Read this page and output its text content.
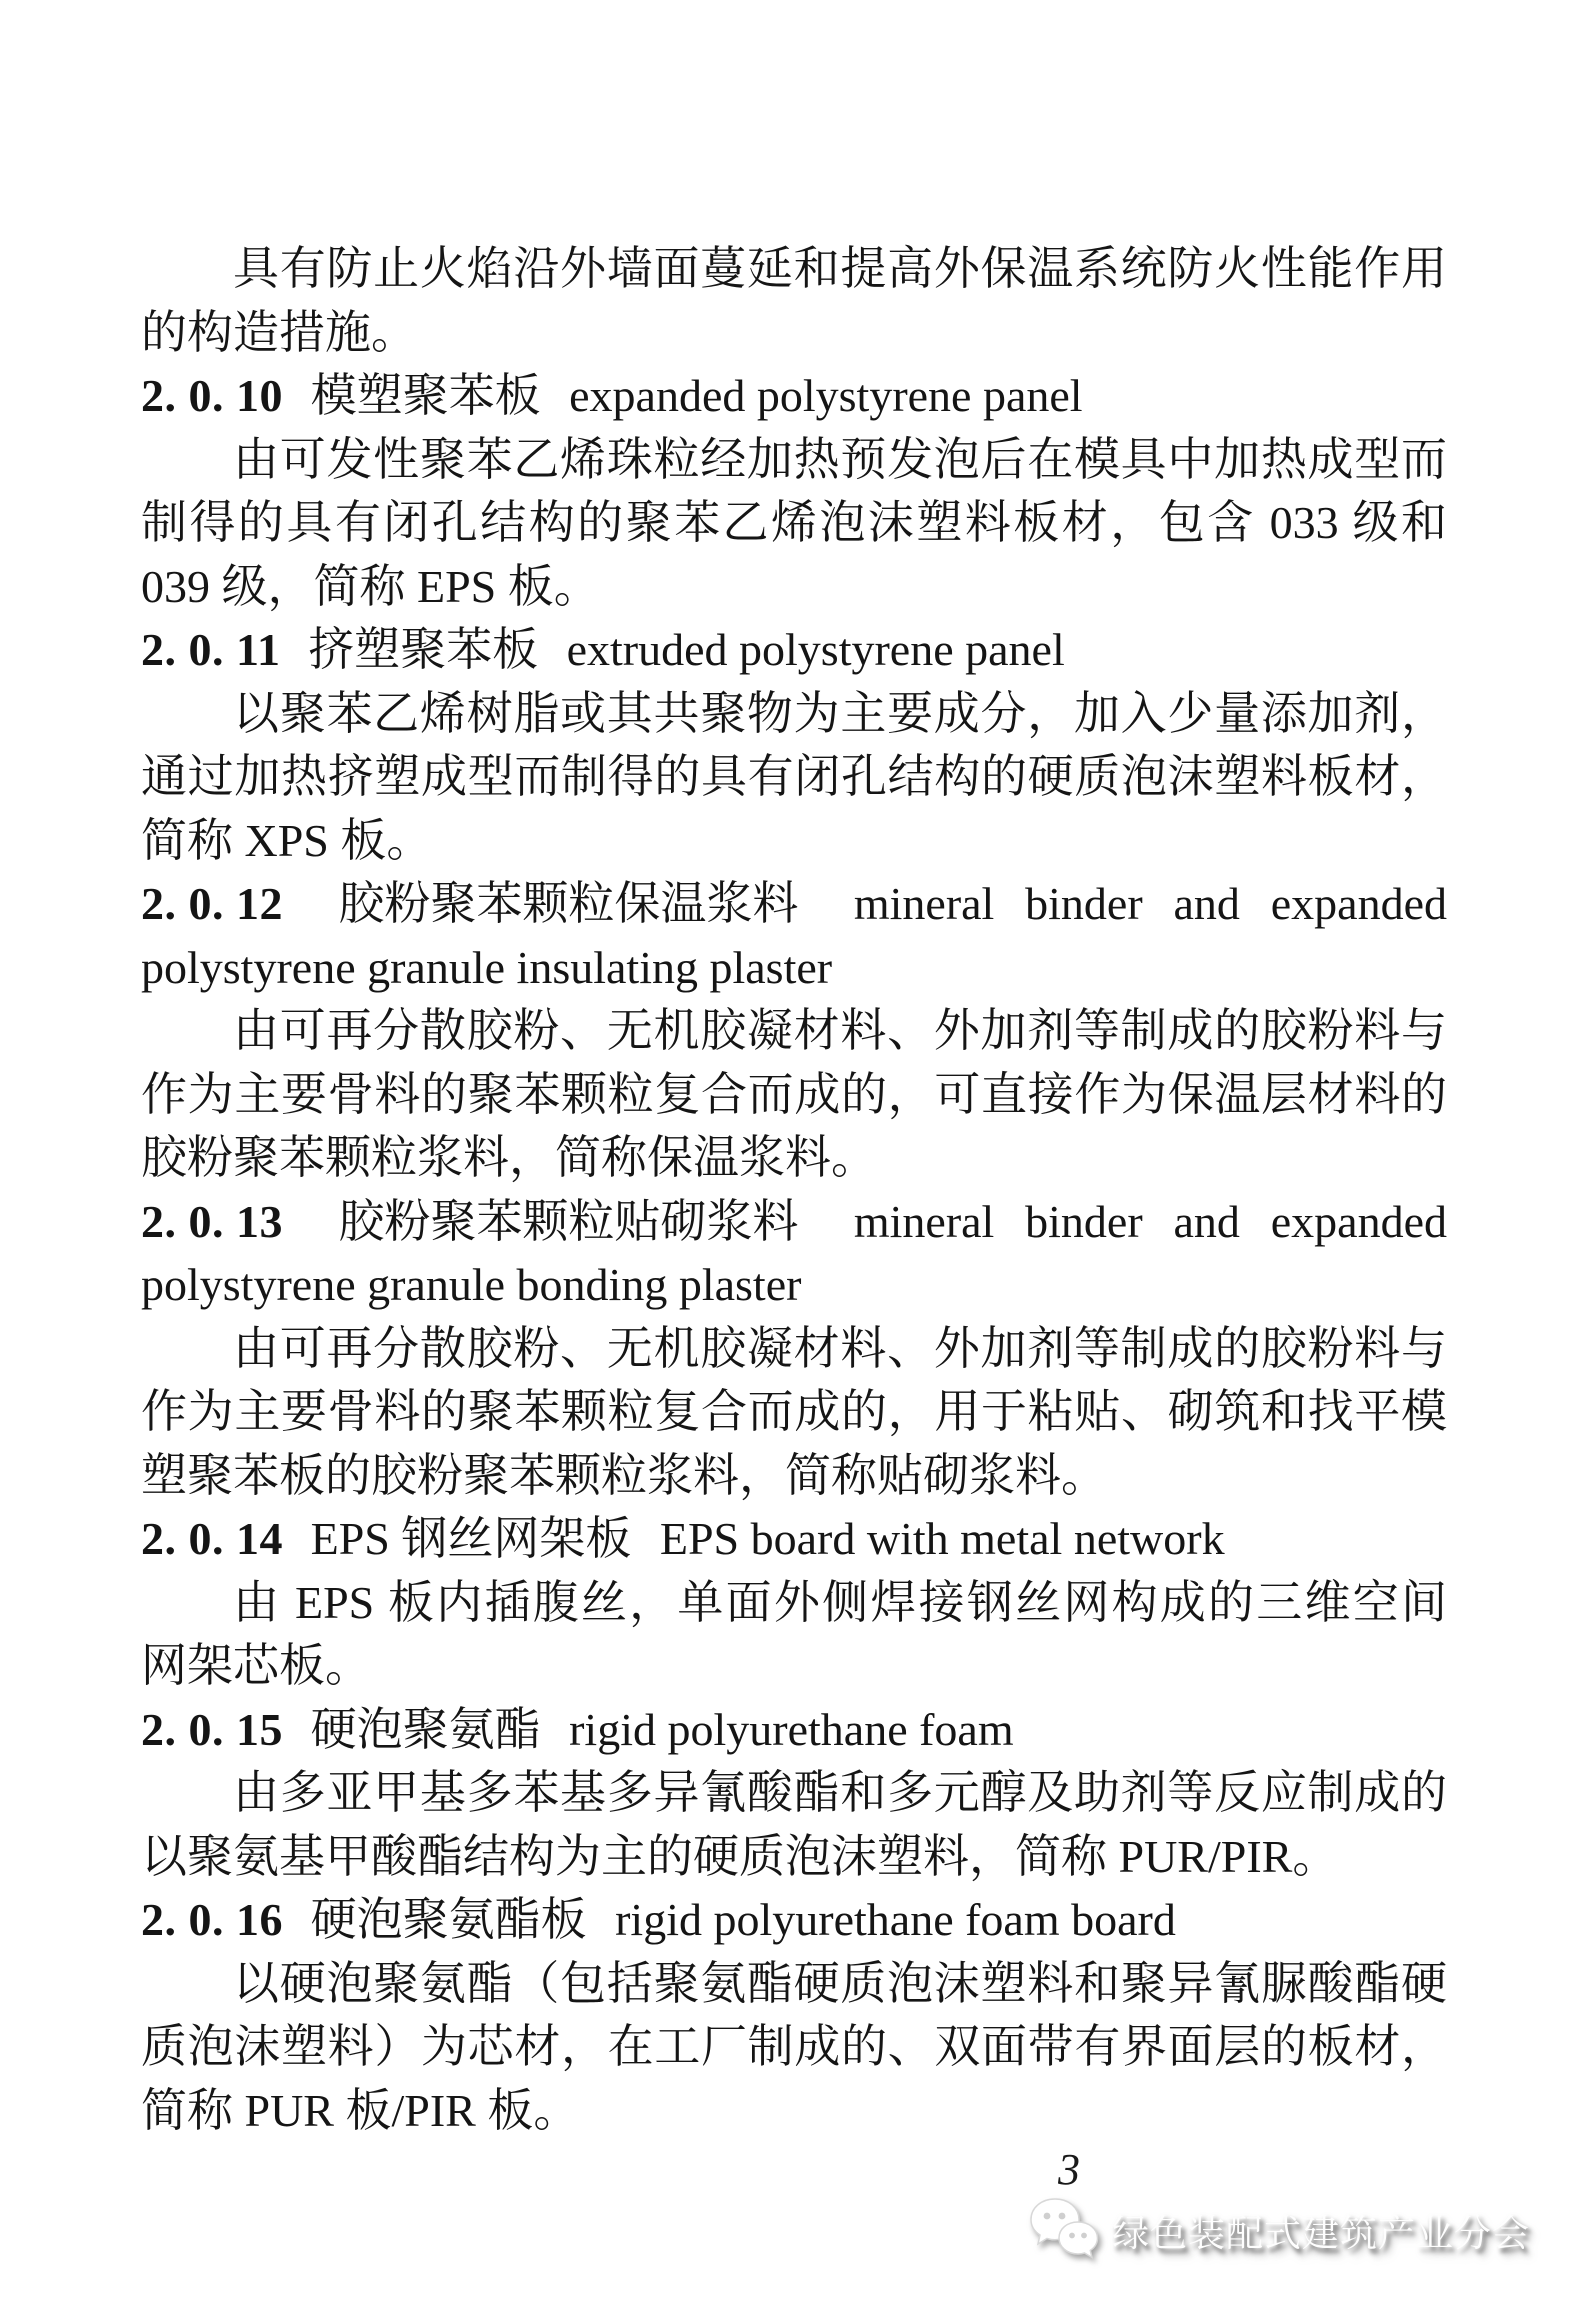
具有防止火焰沿外墙面蔓延和提高外保温系统防火性能作用
的构造措施。
2. 0. 10 模塑聚苯板 expanded polystyrene panel
由可发性聚苯乙烯珠粒经加热预发泡后在模具中加热成型而
制得的具有闭孔结构的聚苯乙烯泡沫塑料板材，包含 033 级和
039 级，简称 EPS 板。
2. 0. 11 挤塑聚苯板 extruded polystyrene panel
以聚苯乙烯树脂或其共聚物为主要成分，加入少量添加剂，
通过加热挤塑成型而制得的具有闭孔结构的硬质泡沫塑料板材，
简称 XPS 板。
2. 0. 12 胶粉聚苯颗粒保温浆料 mineral binder and expanded
polystyrene granule insulating plaster
由可再分散胶粉、无机胶凝材料、外加剂等制成的胶粉料与
作为主要骨料的聚苯颗粒复合而成的，可直接作为保温层材料的
胶粉聚苯颗粒浆料，简称保温浆料。
2. 0. 13 胶粉聚苯颗粒贴砌浆料 mineral binder and expanded
polystyrene granule bonding plaster
由可再分散胶粉、无机胶凝材料、外加剂等制成的胶粉料与
作为主要骨料的聚苯颗粒复合而成的，用于粘贴、砌筑和找平模
塑聚苯板的胶粉聚苯颗粒浆料，简称贴砌浆料。
2. 0. 14 EPS 钢丝网架板 EPS board with metal network
由 EPS 板内插腹丝，单面外侧焊接钢丝网构成的三维空间
网架芯板。
2. 0. 15 硬泡聚氨酯 rigid polyurethane foam
由多亚甲基多苯基多异氰酸酯和多元醇及助剂等反应制成的
以聚氨基甲酸酯结构为主的硬质泡沫塑料，简称 PUR/PIR。
2. 0. 16 硬泡聚氨酯板 rigid polyurethane foam board
以硬泡聚氨酯（包括聚氨酯硬质泡沫塑料和聚异氰脲酸酯硬
质泡沫塑料）为芯材，在工厂制成的、双面带有界面层的板材，
简称 PUR 板/PIR 板。
3
绿色装配式建筑产业分会
